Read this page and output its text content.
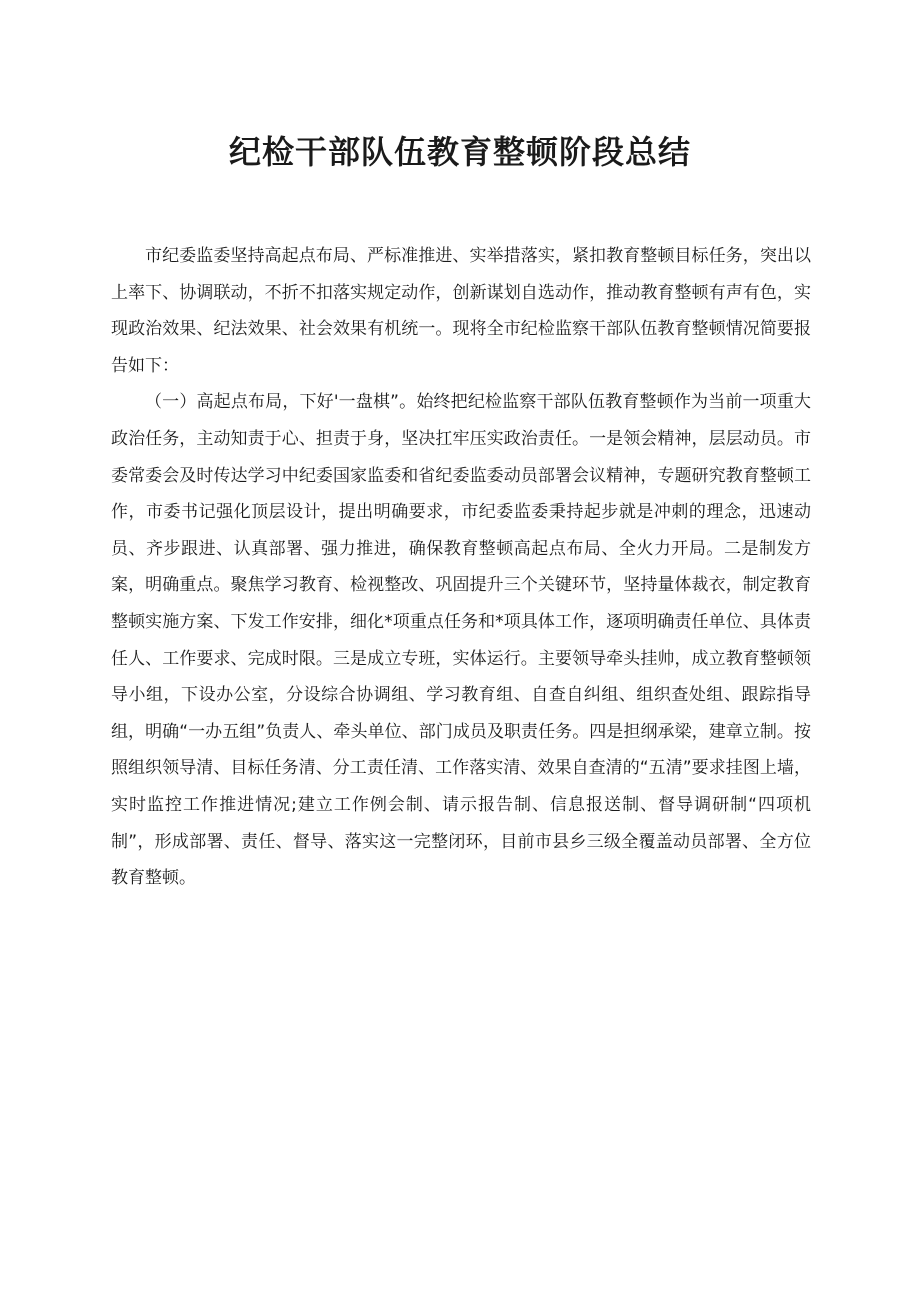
纪检干部队伍教育整顿阶段总结

市纪委监委坚持高起点布局、严标准推进、实举措落实，紧扣教育整顿目标任务，突出以上率下、协调联动，不折不扣落实规定动作，创新谋划自选动作，推动教育整顿有声有色，实现政治效果、纪法效果、社会效果有机统一。现将全市纪检监察干部队伍教育整顿情况简要报告如下：

（一）高起点布局，下好'一盘棋”。始终把纪检监察干部队伍教育整顿作为当前一项重大政治任务，主动知责于心、担责于身，坚决扛牢压实政治责任。一是领会精神，层层动员。市委常委会及时传达学习中纪委国家监委和省纪委监委动员部署会议精神，专题研究教育整顿工作，市委书记强化顶层设计，提出明确要求，市纪委监委秉持起步就是冲刺的理念，迅速动员、齐步跟进、认真部署、强力推进，确保教育整顿高起点布局、全火力开局。二是制发方案，明确重点。聚焦学习教育、检视整改、巩固提升三个关键环节，坚持量体裁衣，制定教育整顿实施方案、下发工作安排，细化*项重点任务和*项具体工作，逐项明确责任单位、具体责任人、工作要求、完成时限。三是成立专班，实体运行。主要领导牵头挂帅，成立教育整顿领导小组，下设办公室，分设综合协调组、学习教育组、自查自纠组、组织查处组、跟踪指导组，明确“一办五组”负责人、牵头单位、部门成员及职责任务。四是担纲承梁，建章立制。按照组织领导清、目标任务清、分工责任清、工作落实清、效果自查清的“五清”要求挂图上墙，实时监控工作推进情况;建立工作例会制、请示报告制、信息报送制、督导调研制“四项机制”，形成部署、责任、督导、落实这一完整闭环，目前市县乡三级全覆盖动员部署、全方位教育整顿。
